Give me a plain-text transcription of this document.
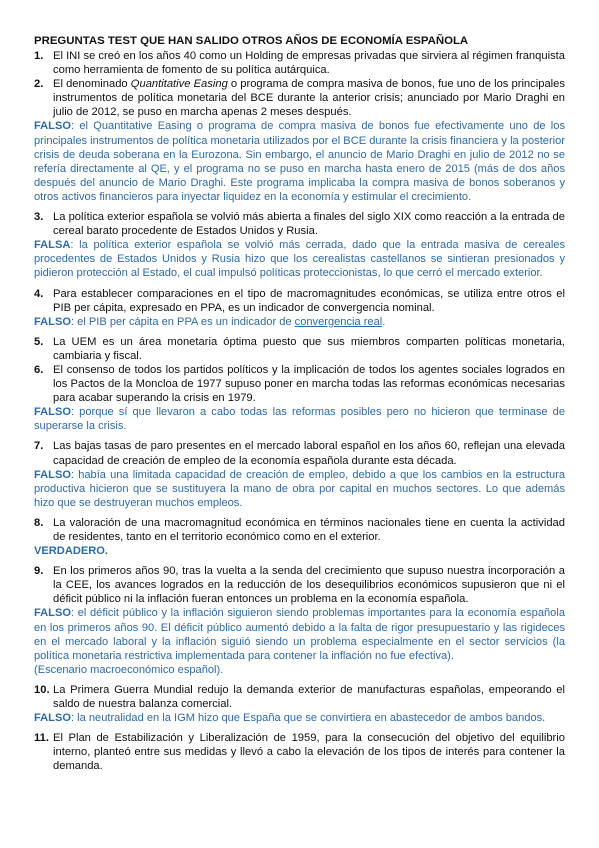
PREGUNTAS TEST QUE HAN SALIDO OTROS AÑOS DE ECONOMÍA ESPAÑOLA
1. El INI se creó en los años 40 como un Holding de empresas privadas que sirviera al régimen franquista como herramienta de fomento de su política autárquica.
2. El denominado Quantitative Easing o programa de compra masiva de bonos, fue uno de los principales instrumentos de política monetaria del BCE durante la anterior crisis; anunciado por Mario Draghi en julio de 2012, se puso en marcha apenas 2 meses después.
FALSO: el Quantitative Easing o programa de compra masiva de bonos fue efectivamente uno de los principales instrumentos de política monetaria utilizados por el BCE durante la crisis financiera y la posterior crisis de deuda soberana en la Eurozona. Sin embargo, el anuncio de Mario Draghi en julio de 2012 no se refería directamente al QE, y el programa no se puso en marcha hasta enero de 2015 (más de dos años después del anuncio de Mario Draghi. Este programa implicaba la compra masiva de bonos soberanos y otros activos financieros para inyectar liquidez en la economía y estimular el crecimiento.
3. La política exterior española se volvió más abierta a finales del siglo XIX como reacción a la entrada de cereal barato procedente de Estados Unidos y Rusia.
FALSA: la política exterior española se volvió más cerrada, dado que la entrada masiva de cereales procedentes de Estados Unidos y Rusia hizo que los cerealistas castellanos se sintieran presionados y pidieron protección al Estado, el cual impulsó políticas proteccionistas, lo que cerró el mercado exterior.
4. Para establecer comparaciones en el tipo de macromagnitudes económicas, se utiliza entre otros el PIB per cápita, expresado en PPA, es un indicador de convergencia nominal.
FALSO: el PIB per cápita en PPA es un indicador de convergencia real.
5. La UEM es un área monetaria óptima puesto que sus miembros comparten políticas monetaria, cambiaria y fiscal.
6. El consenso de todos los partidos políticos y la implicación de todos los agentes sociales logrados en los Pactos de la Moncloa de 1977 supuso poner en marcha todas las reformas económicas necesarias para acabar superando la crisis en 1979.
FALSO: porque sí que llevaron a cabo todas las reformas posibles pero no hicieron que terminase de superarse la crisis.
7. Las bajas tasas de paro presentes en el mercado laboral español en los años 60, reflejan una elevada capacidad de creación de empleo de la economía española durante esta década.
FALSO: había una limitada capacidad de creación de empleo, debido a que los cambios en la estructura productiva hicieron que se sustituyera la mano de obra por capital en muchos sectores. Lo que además hizo que se destruyeran muchos empleos.
8. La valoración de una macromagnitud económica en términos nacionales tiene en cuenta la actividad de residentes, tanto en el territorio económico como en el exterior.
VERDADERO.
9. En los primeros años 90, tras la vuelta a la senda del crecimiento que supuso nuestra incorporación a la CEE, los avances logrados en la reducción de los desequilibrios económicos supusieron que ni el déficit público ni la inflación fueran entonces un problema en la economía española.
FALSO: el déficit público y la inflación siguieron siendo problemas importantes para la economía española en los primeros años 90. El déficit público aumentó debido a la falta de rigor presupuestario y las rigideces en el mercado laboral y la inflación siguió siendo un problema especialmente en el sector servicios (la política monetaria restrictiva implementada para contener la inflación no fue efectiva).
(Escenario macroeconómico español).
10. La Primera Guerra Mundial redujo la demanda exterior de manufacturas españolas, empeorando el saldo de nuestra balanza comercial.
FALSO: la neutralidad en la IGM hizo que España que se convirtiera en abastecedor de ambos bandos.
11. El Plan de Estabilización y Liberalización de 1959, para la consecución del objetivo del equilibrio interno, planteó entre sus medidas y llevó a cabo la elevación de los tipos de interés para contener la demanda.
